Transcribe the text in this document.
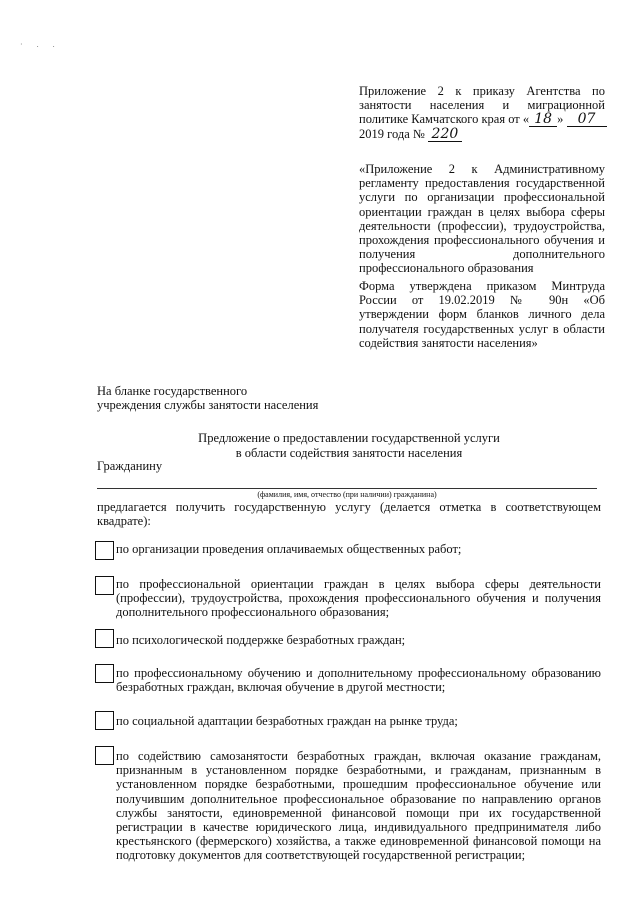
· . .
Приложение 2 к приказу Агентства по
занятости населения и миграционной
политике Камчатского края от « 18 » 07
2019 года № 220
«Приложение 2 к Административному регламенту предоставления государственной услуги по организации профессиональной ориентации граждан в целях выбора сферы деятельности (профессии), трудоустройства, прохождения профессионального обучения и получения дополнительного профессионального образования
Форма утверждена приказом Минтруда России от 19.02.2019 № 90н «Об утверждении форм бланков личного дела получателя государственных услуг в области содействия занятости населения»
На бланке государственного
учреждения службы занятости населения
Предложение о предоставлении государственной услуги
в области содействия занятости населения
Гражданину
(фамилия, имя, отчество (при наличии) гражданина)
предлагается получить государственную услугу (делается отметка в соответствующем квадрате):
по организации проведения оплачиваемых общественных работ;
по профессиональной ориентации граждан в целях выбора сферы деятельности (профессии), трудоустройства, прохождения профессионального обучения и получения дополнительного профессионального образования;
по психологической поддержке безработных граждан;
по профессиональному обучению и дополнительному профессиональному образованию безработных граждан, включая обучение в другой местности;
по социальной адаптации безработных граждан на рынке труда;
по содействию самозанятости безработных граждан, включая оказание гражданам, признанным в установленном порядке безработными, и гражданам, признанным в установленном порядке безработными, прошедшим профессиональное обучение или получившим дополнительное профессиональное образование по направлению органов службы занятости, единовременной финансовой помощи при их государственной регистрации в качестве юридического лица, индивидуального предпринимателя либо крестьянского (фермерского) хозяйства, а также единовременной финансовой помощи на подготовку документов для соответствующей государственной регистрации;
